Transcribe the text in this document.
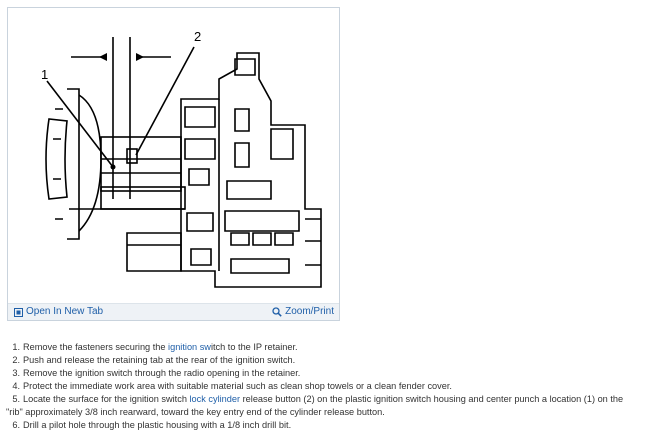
1
2
Open In New Tab	Zoom/Print

1. Remove the fasteners securing the ignition switch to the IP retainer.

2. Push and release the retaining tab at the rear of the ignition switch.

3. Remove the ignition switch through the radio opening in the retainer.

4. Protect the immediate work area with suitable material such as clean shop towels or a clean fender cover.

5. Locate the surface for the ignition switch lock cylinder release button (2) on the plastic ignition switch housing and center punch a location (1) on the

"rib" approximately 3/8 inch rearward, toward the key entry end of the cylinder release button.

6. Drill a pilot hole through the plastic housing with a 1/8 inch drill bit.
